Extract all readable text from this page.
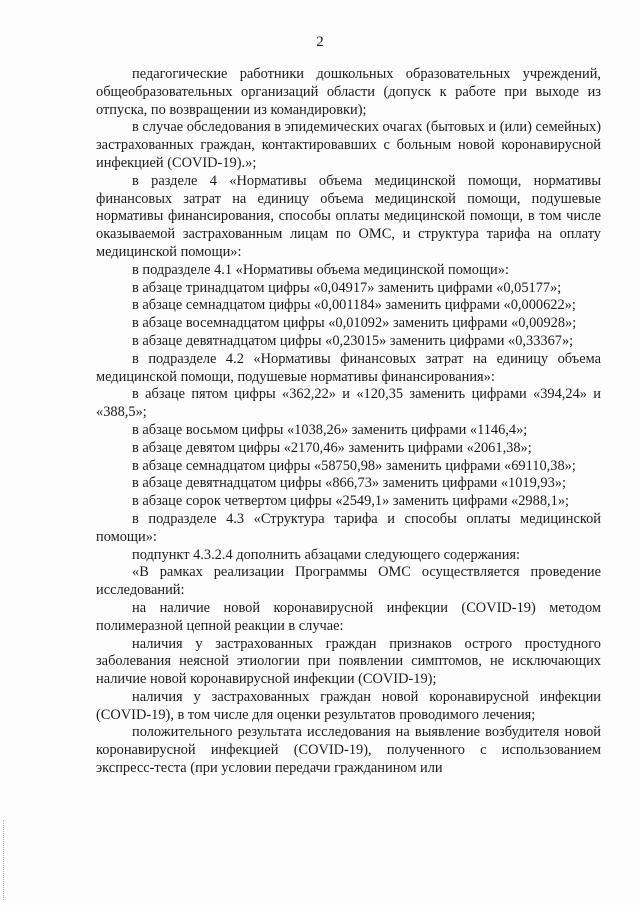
2

педагогические работники дошкольных образовательных учреждений, общеобразовательных организаций области (допуск к работе при выходе из отпуска, по возвращении из командировки);

в случае обследования в эпидемических очагах (бытовых и (или) семейных) застрахованных граждан, контактировавших с больным новой коронавирусной инфекцией (COVID-19).»;

в разделе 4 «Нормативы объема медицинской помощи, нормативы финансовых затрат на единицу объема медицинской помощи, подушевые нормативы финансирования, способы оплаты медицинской помощи, в том числе оказываемой застрахованным лицам по ОМС, и структура тарифа на оплату медицинской помощи»:

в подразделе 4.1 «Нормативы объема медицинской помощи»:

в абзаце тринадцатом цифры «0,04917» заменить цифрами «0,05177»;

в абзаце семнадцатом цифры «0,001184» заменить цифрами «0,000622»;

в абзаце восемнадцатом цифры «0,01092» заменить цифрами «0,00928»;

в абзаце девятнадцатом цифры «0,23015» заменить цифрами «0,33367»;

в подразделе 4.2 «Нормативы финансовых затрат на единицу объема медицинской помощи, подушевые нормативы финансирования»:

в абзаце пятом цифры «362,22» и «120,35 заменить цифрами «394,24» и «388,5»;

в абзаце восьмом цифры «1038,26» заменить цифрами «1146,4»;

в абзаце девятом цифры «2170,46» заменить цифрами «2061,38»;

в абзаце семнадцатом цифры «58750,98» заменить цифрами «69110,38»;

в абзаце девятнадцатом цифры «866,73» заменить цифрами «1019,93»;

в абзаце сорок четвертом цифры «2549,1» заменить цифрами «2988,1»;

в подразделе 4.3 «Структура тарифа и способы оплаты медицинской помощи»:

подпункт 4.3.2.4 дополнить абзацами следующего содержания:

«В рамках реализации Программы ОМС осуществляется проведение исследований:

на наличие новой коронавирусной инфекции (COVID-19) методом полимеразной цепной реакции в случае:

наличия у застрахованных граждан признаков острого простудного заболевания неясной этиологии при появлении симптомов, не исключающих наличие новой коронавирусной инфекции (COVID-19);

наличия у застрахованных граждан новой коронавирусной инфекции (COVID-19), в том числе для оценки результатов проводимого лечения;

положительного результата исследования на выявление возбудителя новой коронавирусной инфекцией (COVID-19), полученного с использованием экспресс-теста (при условии передачи гражданином или
